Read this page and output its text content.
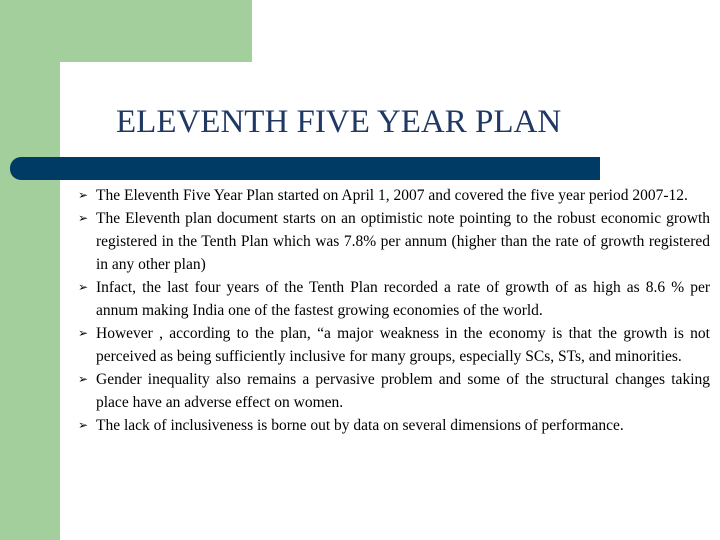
ELEVENTH FIVE YEAR PLAN
➢ The Eleventh Five Year Plan started on April 1, 2007 and covered the five year period 2007-12.
➢ The Eleventh plan document starts on an optimistic note pointing to the robust economic growth registered in the Tenth Plan which was 7.8% per annum (higher than the rate of growth registered in any other plan)
➢ Infact, the last four years of the Tenth Plan recorded a rate of growth of as high as 8.6 % per annum making India one of the fastest growing economies of the world.
➢ However , according to the plan, “a major weakness in the economy is that the growth is not perceived as being sufficiently inclusive for many groups, especially SCs, STs, and minorities.
➢ Gender inequality also remains a pervasive problem and some of the structural changes taking place have an adverse effect on women.
➢ The lack of inclusiveness is borne out by data on several dimensions of performance.
